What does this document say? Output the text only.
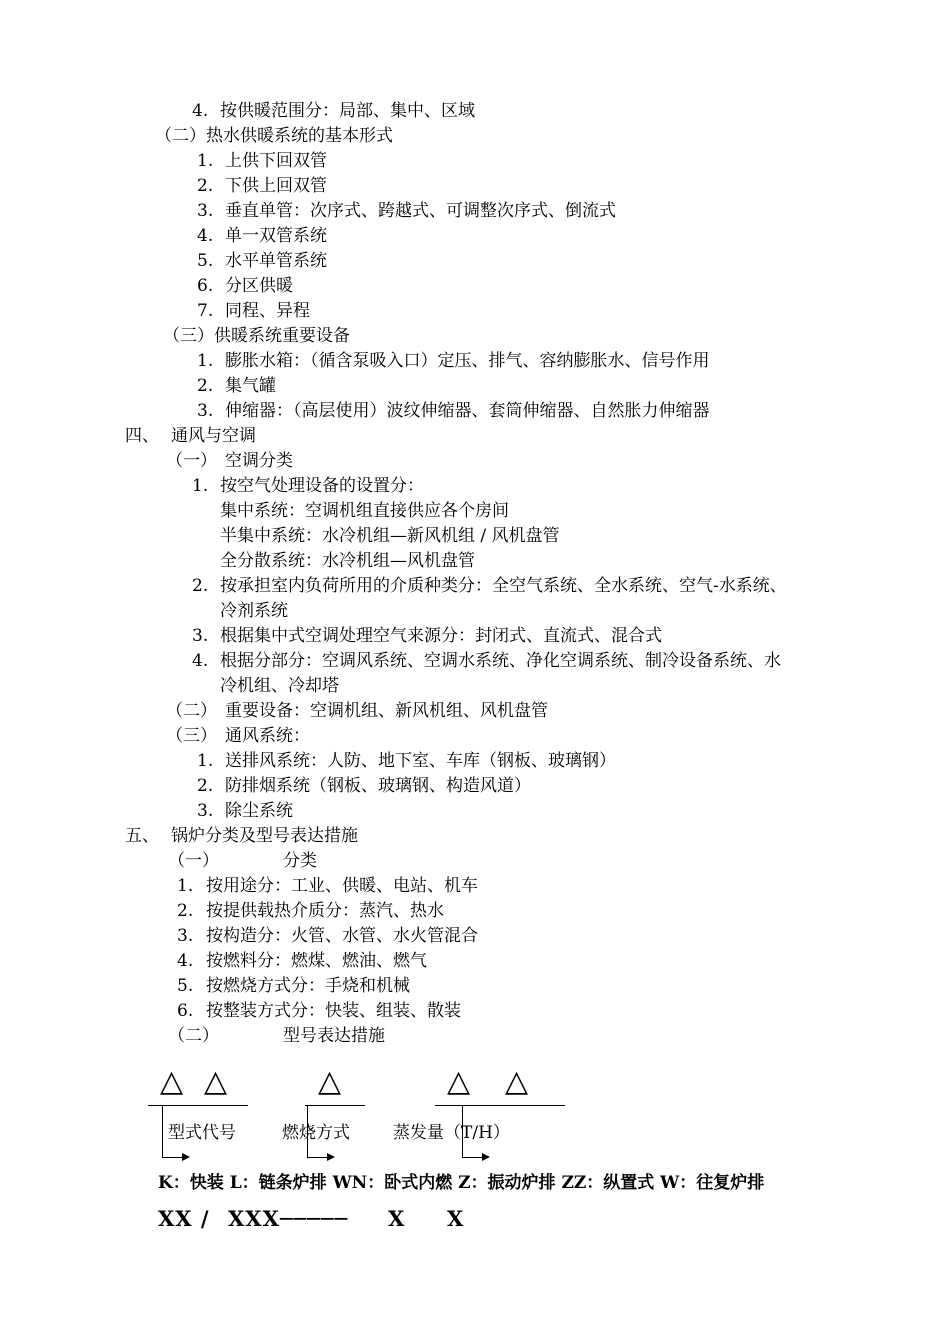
4. 按供暖范围分：局部、集中、区域
（二）热水供暖系统的基本形式
1. 上供下回双管
2. 下供上回双管
3. 垂直单管：次序式、跨越式、可调整次序式、倒流式
4. 单一双管系统
5. 水平单管系统
6. 分区供暖
7. 同程、异程
（三）供暖系统重要设备
1. 膨胀水箱：（循含泵吸入口）定压、排气、容纳膨胀水、信号作用
2. 集气罐
3. 伸缩器：（高层使用）波纹伸缩器、套筒伸缩器、自然胀力伸缩器
四、 通风与空调
（一） 空调分类
1. 按空气处理设备的设置分：
集中系统：空调机组直接供应各个房间
半集中系统：水冷机组—新风机组 / 风机盘管
全分散系统：水冷机组—风机盘管
2. 按承担室内负荷所用的介质种类分：全空气系统、全水系统、空气-水系统、
冷剂系统
3. 根据集中式空调处理空气来源分：封闭式、直流式、混合式
4. 根据分部分：空调风系统、空调水系统、净化空调系统、制冷设备系统、水
冷机组、冷却塔
（二） 重要设备：空调机组、新风机组、风机盘管
（三） 通风系统：
1. 送排风系统：人防、地下室、车库（钢板、玻璃钢）
2. 防排烟系统（钢板、玻璃钢、构造风道）
3. 除尘系统
五、 锅炉分类及型号表达措施
（一）	分类
1. 按用途分：工业、供暖、电站、机车
2. 按提供载热介质分：蒸汽、热水
3. 按构造分：火管、水管、水火管混合
4. 按燃料分：燃煤、燃油、燃气
5. 按燃烧方式分：手烧和机械
6. 按整装方式分：快装、组装、散装
（二）	型号表达措施
△ △	△	△ △
型式代号	燃烧方式	蒸发量（T/H）
K：快装 L：链条炉排 WN：卧式内燃 Z：振动炉排 ZZ：纵置式 W：往复炉排
XX / XXX───── X X
